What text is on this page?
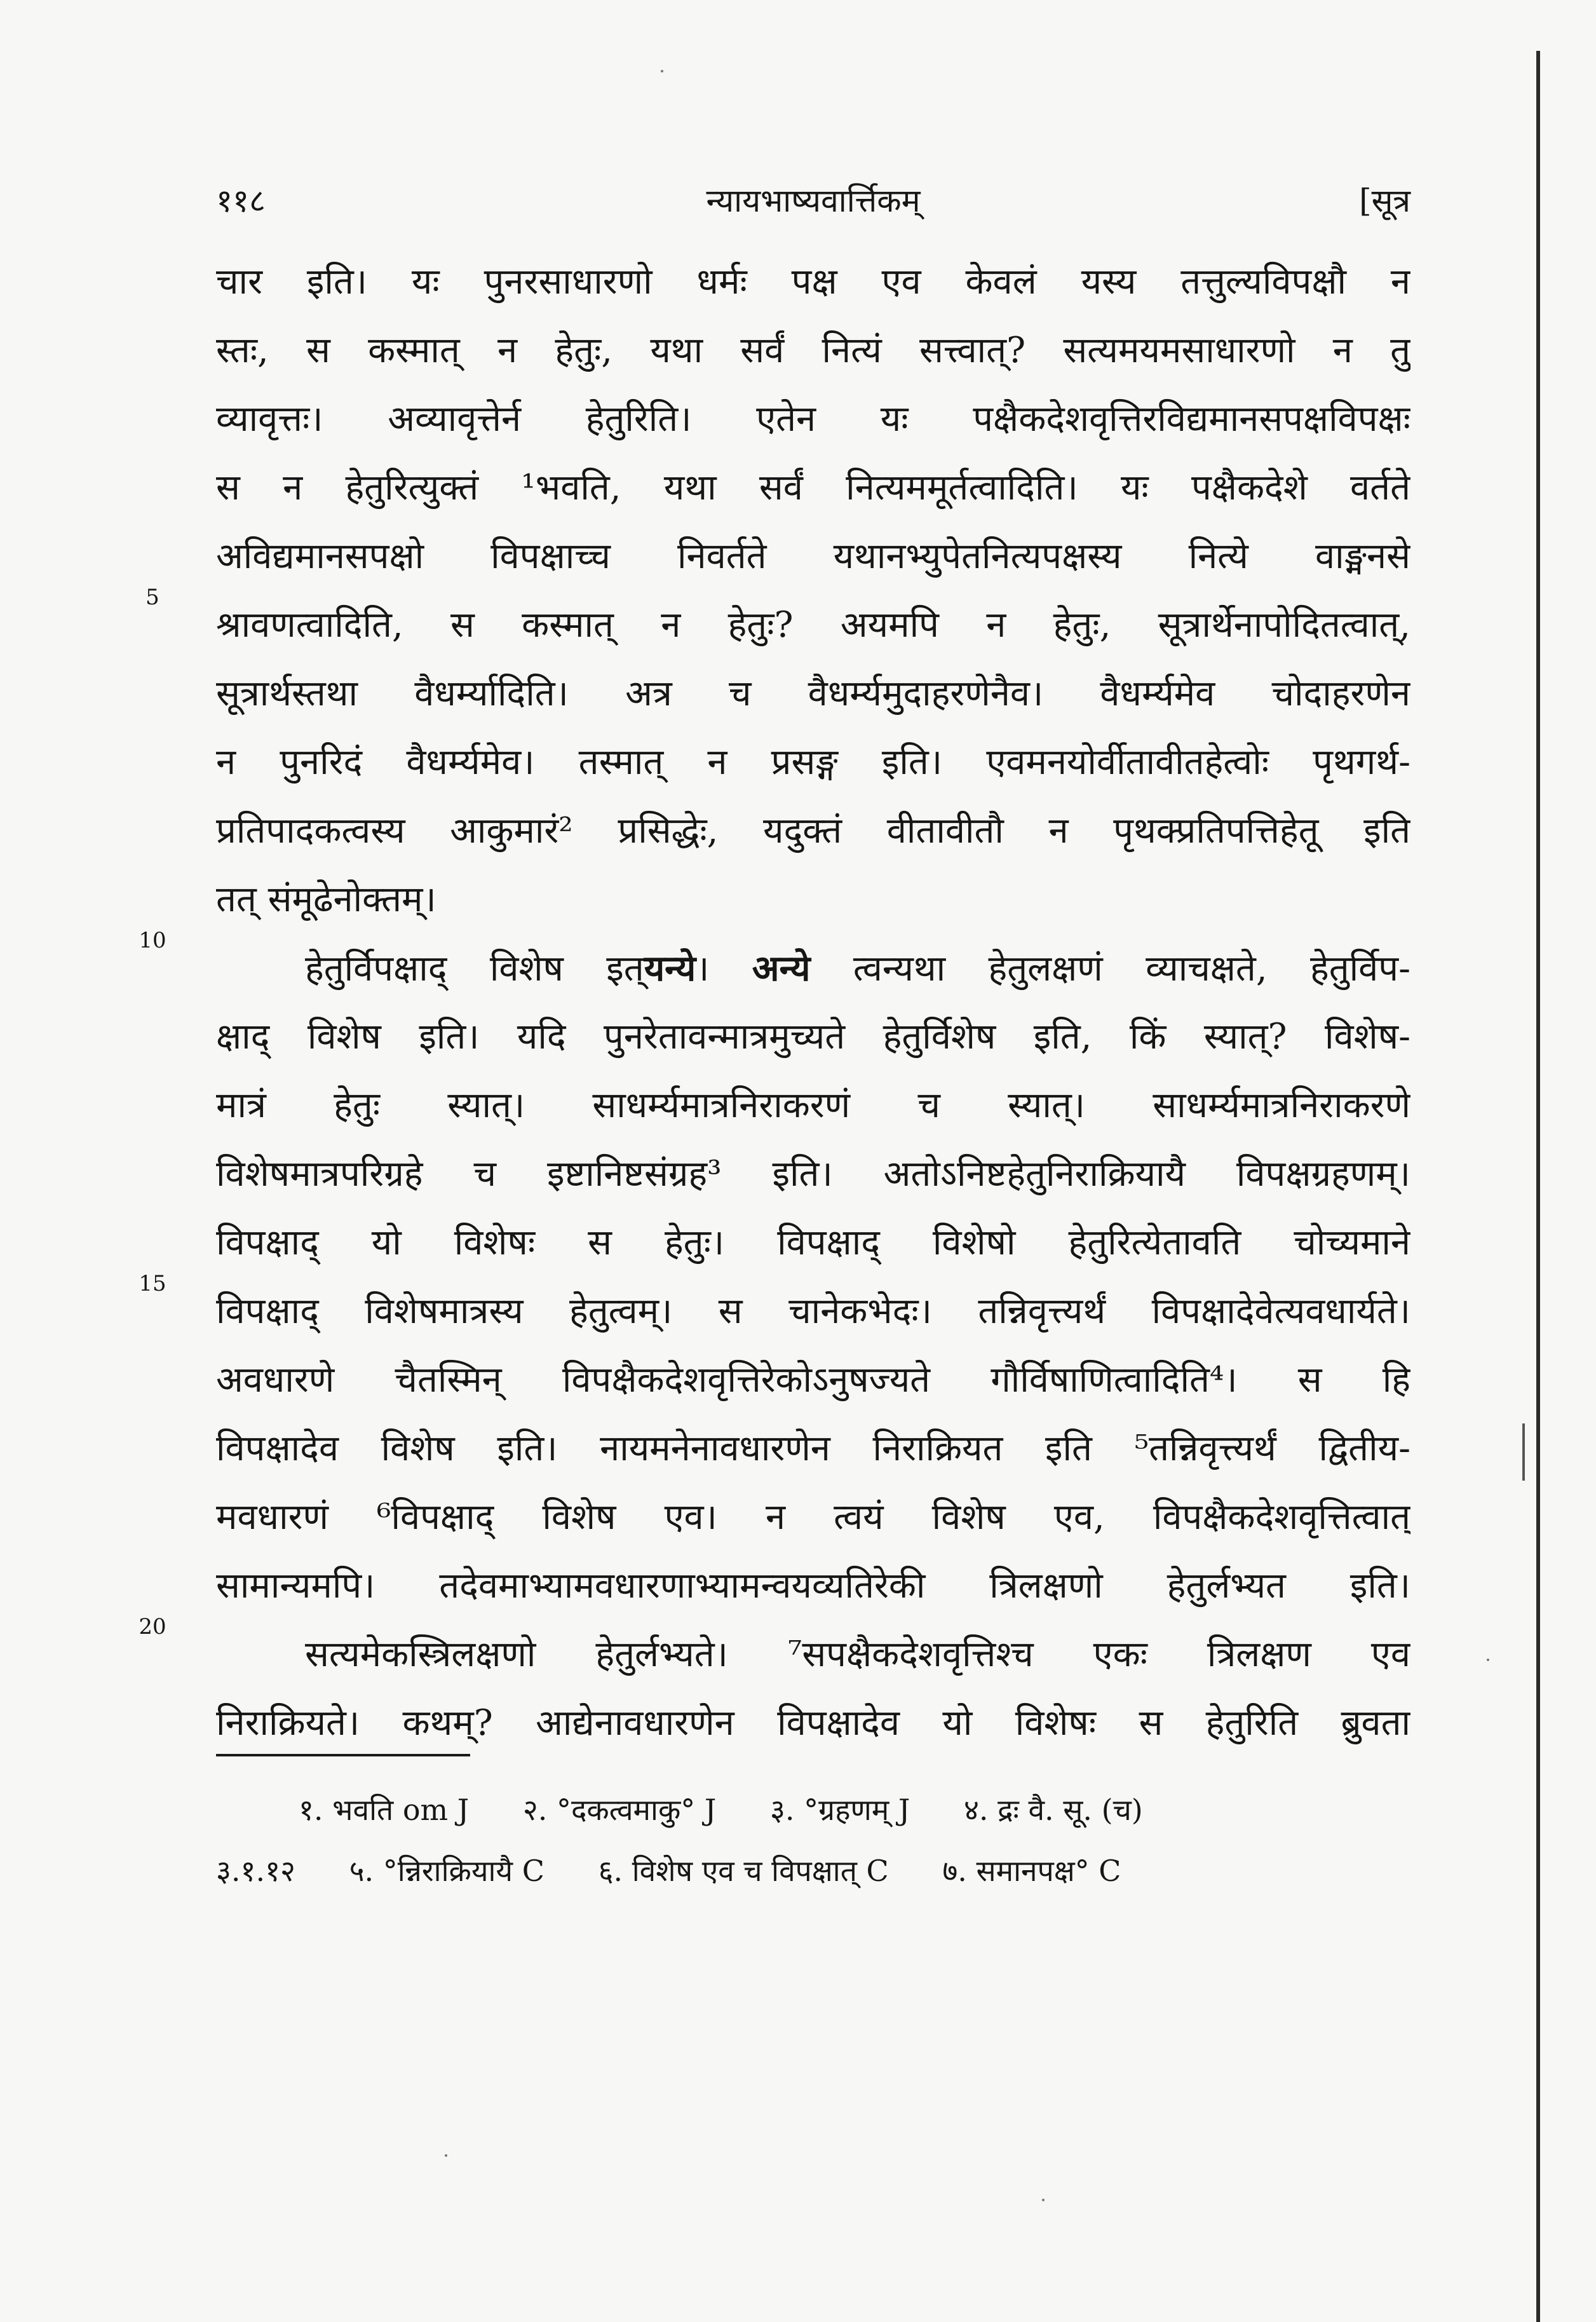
११८	न्यायभाष्यवार्त्तिकम्	[सूत्र
5
10
15
20
चार इति। यः पुनरसाधारणो धर्मः पक्ष एव केवलं यस्य तत्तुल्यविपक्षौ न
स्तः, स कस्मात् न हेतुः, यथा सर्वं नित्यं सत्त्वात्? सत्यमयमसाधारणो न तु
व्यावृत्तः। अव्यावृत्तेर्न हेतुरिति। एतेन यः पक्षैकदेशवृत्तिरविद्यमानसपक्षविपक्षः
स न हेतुरित्युक्तं ¹भवति, यथा सर्वं नित्यममूर्तत्वादिति। यः पक्षैकदेशे वर्तते
अविद्यमानसपक्षो विपक्षाच्च निवर्तते यथानभ्युपेतनित्यपक्षस्य नित्ये वाङ्मनसे
श्रावणत्वादिति, स कस्मात् न हेतुः? अयमपि न हेतुः, सूत्रार्थेनापोदितत्वात्,
सूत्रार्थस्तथा वैधर्म्यादिति। अत्र च वैधर्म्यमुदाहरणेनैव। वैधर्म्यमेव चोदाहरणेन
न पुनरिदं वैधर्म्यमेव। तस्मात् न प्रसङ्ग इति। एवमनयोर्वीतावीतहेत्वोः पृथगर्थ-
प्रतिपादकत्वस्य आकुमारं² प्रसिद्धेः, यदुक्तं वीतावीतौ न पृथक्प्रतिपत्तिहेतू इति
तत् संमूढेनोक्तम्।
हेतुर्विपक्षाद् विशेष इत्यन्ये। अन्ये त्वन्यथा हेतुलक्षणं व्याचक्षते, हेतुर्विप-
क्षाद् विशेष इति। यदि पुनरेतावन्मात्रमुच्यते हेतुर्विशेष इति, किं स्यात्? विशेष-
मात्रं हेतुः स्यात्। साधर्म्यमात्रनिराकरणं च स्यात्। साधर्म्यमात्रनिराकरणे
विशेषमात्रपरिग्रहे च इष्टानिष्टसंग्रह³ इति। अतोऽनिष्टहेतुनिराक्रियायै विपक्षग्रहणम्।
विपक्षाद् यो विशेषः स हेतुः। विपक्षाद् विशेषो हेतुरित्येतावति चोच्यमाने
विपक्षाद् विशेषमात्रस्य हेतुत्वम्। स चानेकभेदः। तन्निवृत्त्यर्थं विपक्षादेवेत्यवधार्यते।
अवधारणे चैतस्मिन् विपक्षैकदेशवृत्तिरेकोऽनुषज्यते गौर्विषाणित्वादिति⁴। स हि
विपक्षादेव विशेष इति। नायमनेनावधारणेन निराक्रियत इति ⁵तन्निवृत्त्यर्थं द्वितीय-
मवधारणं ⁶विपक्षाद् विशेष एव। न त्वयं विशेष एव, विपक्षैकदेशवृत्तित्वात्
सामान्यमपि। तदेवमाभ्यामवधारणाभ्यामन्वयव्यतिरेकी त्रिलक्षणो हेतुर्लभ्यत इति।
सत्यमेकस्त्रिलक्षणो हेतुर्लभ्यते। ⁷सपक्षैकदेशवृत्तिश्च एकः त्रिलक्षण एव
निराक्रियते। कथम्? आद्येनावधारणेन विपक्षादेव यो विशेषः स हेतुरिति ब्रुवता
१. भवति om J २. °दकत्वमाकु° J ३. °ग्रहणम् J ४. द्रः वै. सू. (च)
३.१.१२ ५. °न्निराक्रियायै C ६. विशेष एव च विपक्षात् C ७. समानपक्ष° C
